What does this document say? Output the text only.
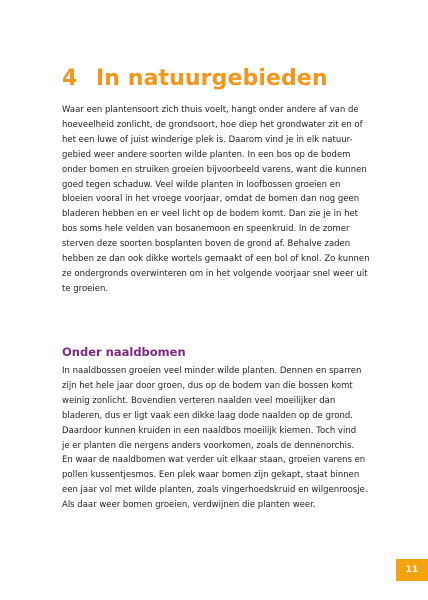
4 In natuurgebieden
Waar een plantensoort zich thuis voelt, hangt onder andere af van de
hoeveelheid zonlicht, de grondsoort, hoe diep het grondwater zit en of
het een luwe of juist winderige plek is. Daarom vind je in elk natuur-
gebied weer andere soorten wilde planten. In een bos op de bodem
onder bomen en struiken groeien bijvoorbeeld varens, want die kunnen
goed tegen schaduw. Veel wilde planten in loofbossen groeien en
bloeien vooral in het vroege voorjaar, omdat de bomen dan nog geen
bladeren hebben en er veel licht op de bodem komt. Dan zie je in het
bos soms hele velden van bosanemoon en speenkruid. In de zomer
sterven deze soorten bosplanten boven de grond af. Behalve zaden
hebben ze dan ook dikke wortels gemaakt of een bol of knol. Zo kunnen
ze ondergronds overwinteren om in het volgende voorjaar snel weer uit
te groeien.
Onder naaldbomen
In naaldbossen groeien veel minder wilde planten. Dennen en sparren
zijn het hele jaar door groen, dus op de bodem van die bossen komt
weinig zonlicht. Bovendien verteren naalden veel moeilijker dan
bladeren, dus er ligt vaak een dikke laag dode naalden op de grond.
Daardoor kunnen kruiden in een naaldbos moeilijk kiemen. Toch vind
je er planten die nergens anders voorkomen, zoals de dennenorchis.
En waar de naaldbomen wat verder uit elkaar staan, groeien varens en
pollen kussentjesmos. Een plek waar bomen zijn gekapt, staat binnen
een jaar vol met wilde planten, zoals vingerhoedskruid en wilgenroosje.
Als daar weer bomen groeien, verdwijnen die planten weer.
11
